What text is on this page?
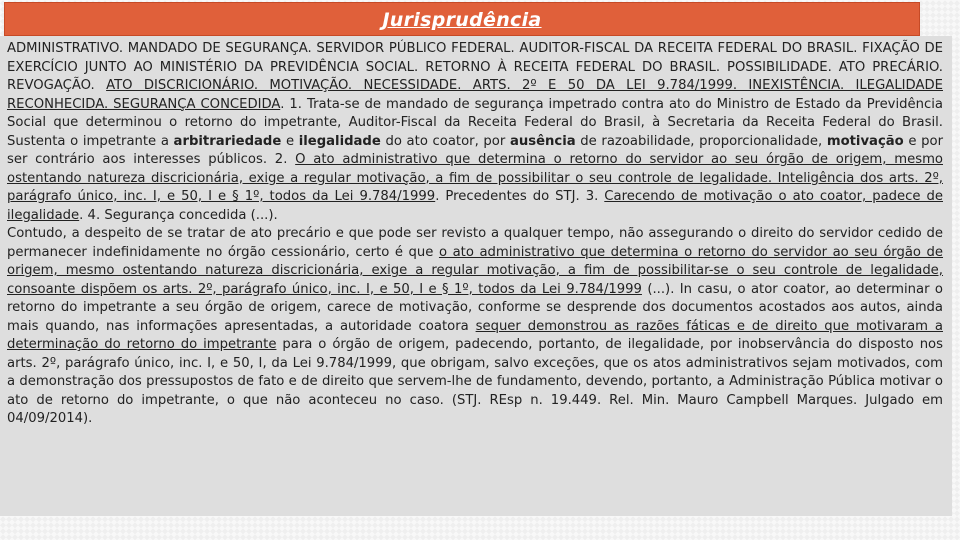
Jurisprudência

ADMINISTRATIVO. MANDADO DE SEGURANÇA. SERVIDOR PÚBLICO FEDERAL. AUDITOR-FISCAL DA RECEITA FEDERAL DO BRASIL. FIXAÇÃO DE EXERCÍCIO JUNTO AO MINISTÉRIO DA PREVIDÊNCIA SOCIAL. RETORNO À RECEITA FEDERAL DO BRASIL. POSSIBILIDADE. ATO PRECÁRIO. REVOGAÇÃO. ATO DISCRICIONÁRIO. MOTIVAÇÃO. NECESSIDADE. ARTS. 2º E 50 DA LEI 9.784/1999. INEXISTÊNCIA. ILEGALIDADE RECONHECIDA. SEGURANÇA CONCEDIDA. 1. Trata-se de mandado de segurança impetrado contra ato do Ministro de Estado da Previdência Social que determinou o retorno do impetrante, Auditor-Fiscal da Receita Federal do Brasil, à Secretaria da Receita Federal do Brasil. Sustenta o impetrante a arbitrariedade e ilegalidade do ato coator, por ausência de razoabilidade, proporcionalidade, motivação e por ser contrário aos interesses públicos. 2. O ato administrativo que determina o retorno do servidor ao seu órgão de origem, mesmo ostentando natureza discricionária, exige a regular motivação, a fim de possibilitar o seu controle de legalidade. Inteligência dos arts. 2º, parágrafo único, inc. I, e 50, I e § 1º, todos da Lei 9.784/1999. Precedentes do STJ. 3. Carecendo de motivação o ato coator, padece de ilegalidade. 4. Segurança concedida (...).

Contudo, a despeito de se tratar de ato precário e que pode ser revisto a qualquer tempo, não assegurando o direito do servidor cedido de permanecer indefinidamente no órgão cessionário, certo é que o ato administrativo que determina o retorno do servidor ao seu órgão de origem, mesmo ostentando natureza discricionária, exige a regular motivação, a fim de possibilitar-se o seu controle de legalidade, consoante dispõem os arts. 2º, parágrafo único, inc. I, e 50, I e § 1º, todos da Lei 9.784/1999 (...). In casu, o ator coator, ao determinar o retorno do impetrante a seu órgão de origem, carece de motivação, conforme se desprende dos documentos acostados aos autos, ainda mais quando, nas informações apresentadas, a autoridade coatora sequer demonstrou as razões fáticas e de direito que motivaram a determinação do retorno do impetrante para o órgão de origem, padecendo, portanto, de ilegalidade, por inobservância do disposto nos arts. 2º, parágrafo único, inc. I, e 50, I, da Lei 9.784/1999, que obrigam, salvo exceções, que os atos administrativos sejam motivados, com a demonstração dos pressupostos de fato e de direito que servem-lhe de fundamento, devendo, portanto, a Administração Pública motivar o ato de retorno do impetrante, o que não aconteceu no caso. (STJ. REsp n. 19.449. Rel. Min. Mauro Campbell Marques. Julgado em 04/09/2014).
